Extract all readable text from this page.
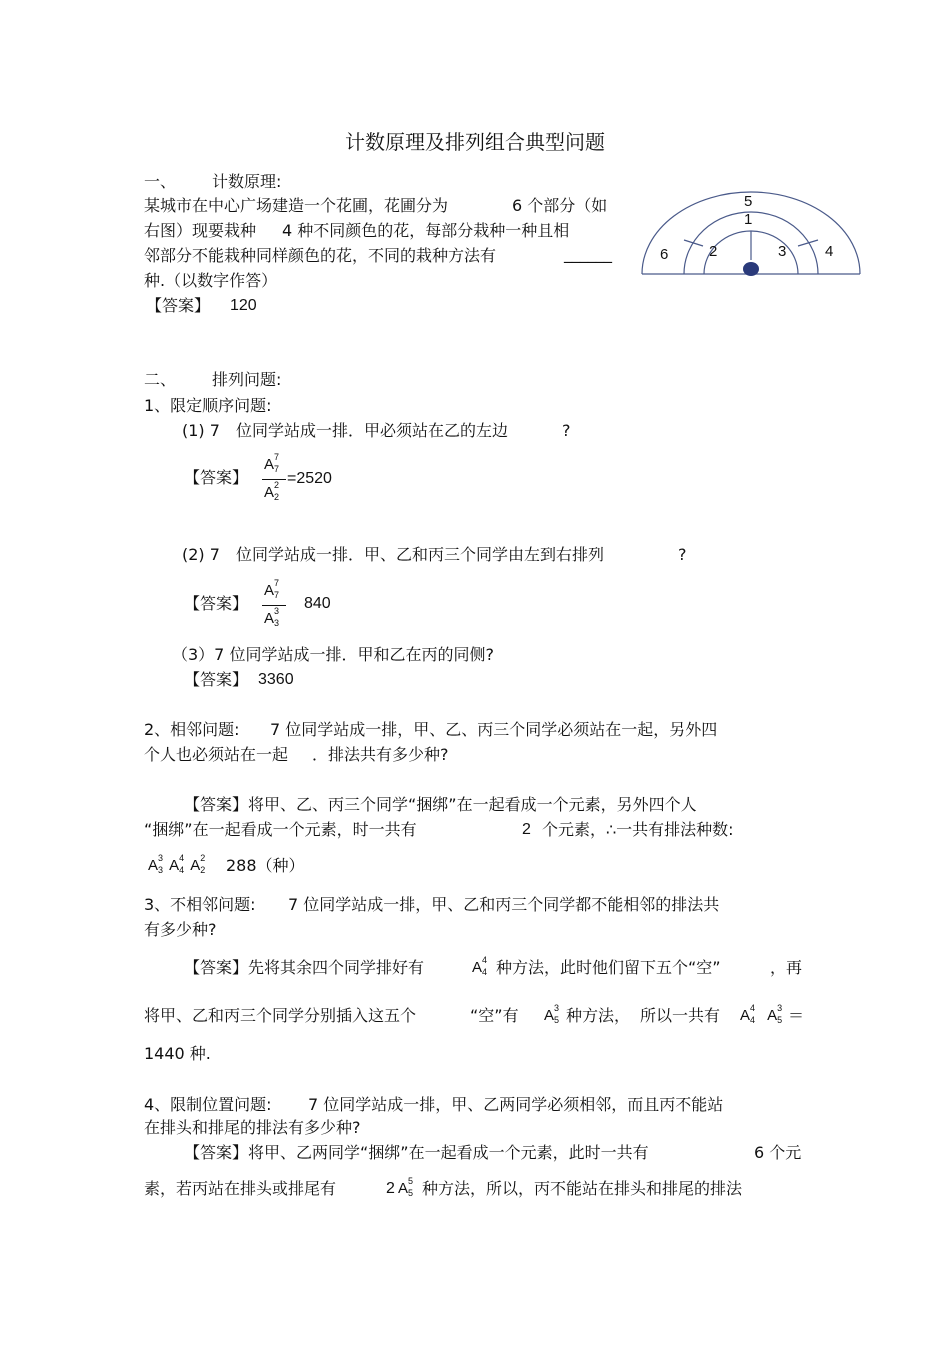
计数原理及排列组合典型问题
一、 计数原理:
某城市在中心广场建造一个花圃，花圃分为	6 个部分（如
右图）现要栽种 4 种不同颜色的花，每部分栽种一种且相
邻部分不能栽种同样颜色的花，不同的栽种方法有	______
种.（以数字作答）
【答案】 120
5
1
6	2	3	4
二、 排列问题:
1、限定顺序问题:
(1) 7 位同学站成一排．甲必须站在乙的左边	?
【答案】
A 7
7
A 2
2
=2520
(2) 7 位同学站成一排．甲、乙和丙三个同学由左到右排列	?
【答案】
A 7
7
A 3
3
840
（3）7 位同学站成一排．甲和乙在丙的同侧?
【答案】 3360
2、相邻问题: 7 位同学站成一排，甲、乙、丙三个同学必须站在一起，另外四
个人也必须站在一起 ．排法共有多少种?
【答案】将甲、乙、丙三个同学“捆绑”在一起看成一个元素，另外四个人
“捆绑”在一起看成一个元素，时一共有	2 个元素，∴一共有排法种数:
A 3
3 A 4
4 A 2
2 288（种）
3、不相邻问题: 7 位同学站成一排，甲、乙和丙三个同学都不能相邻的排法共
有多少种?
【答案】先将其余四个同学排好有	A 4
4 种方法，此时他们留下五个“空”	，再
将甲、乙和丙三个同学分别插入这五个	“空”有 A 3
5 种方法， 所以一共有 A 4
4 A 3
5 ＝
1440 种.
4、限制位置问题: 7 位同学站成一排，甲、乙两同学必须相邻，而且丙不能站
在排头和排尾的排法有多少种?
【答案】将甲、乙两同学“捆绑”在一起看成一个元素，此时一共有	6 个元
素，若丙站在排头或排尾有	2 A 5
5 种方法，所以，丙不能站在排头和排尾的排法
